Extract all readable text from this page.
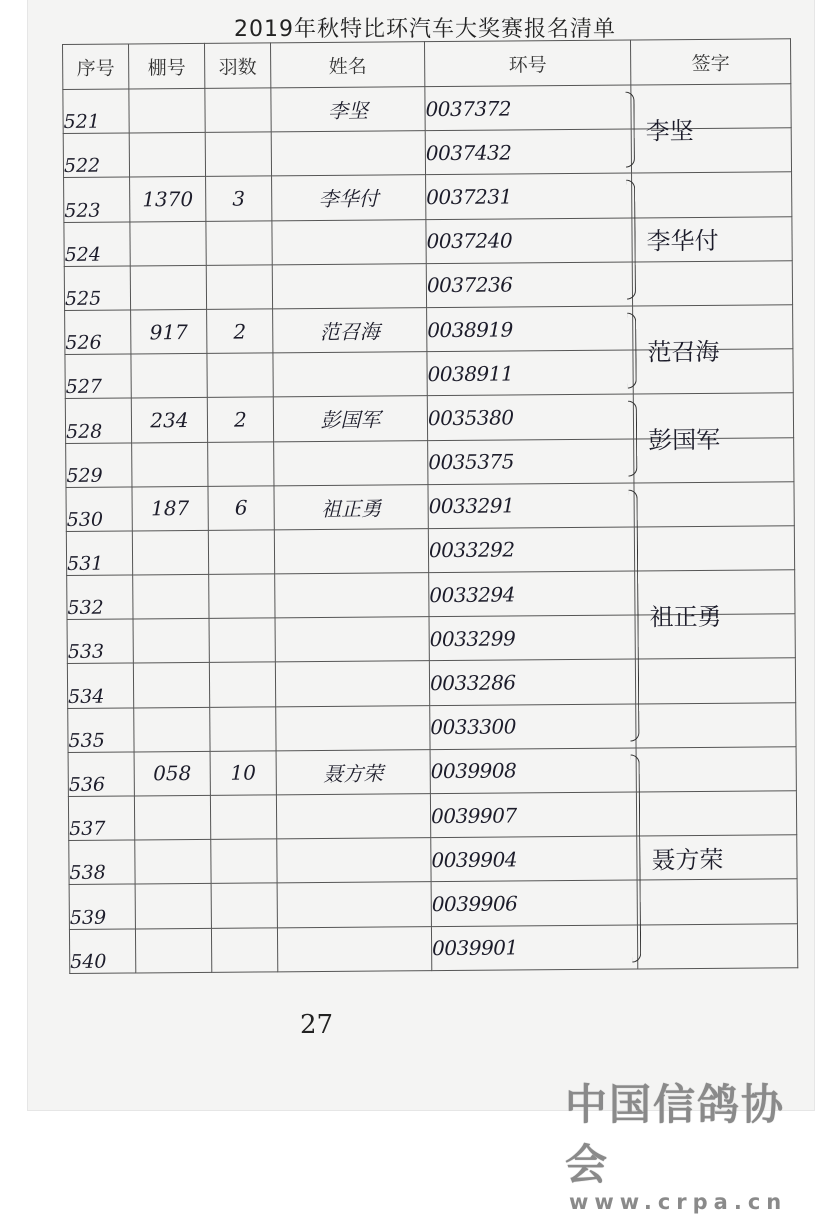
2019年秋特比环汽车大奖赛报名清单
序号	棚号	羽数	姓名	环号	签字
521			李坚	0037372	李坚

522				0037432	
523	1370	3	李华付	0037231	李华付

524				0037240	
525				0037236	
526	917	2	范召海	0038919	范召海

527				0038911	
528	234	2	彭国军	0035380	彭国军

529				0035375	
530	187	6	祖正勇	0033291	祖正勇

531				0033292	
532				0033294	
533				0033299	
534				0033286	
535				0033300	
536	058	10	聂方荣	0039908	聂方荣

537				0039907	
538				0039904	
539				0039906	
540				0039901	
27
中国信鸽协会
www.crpa.cn
